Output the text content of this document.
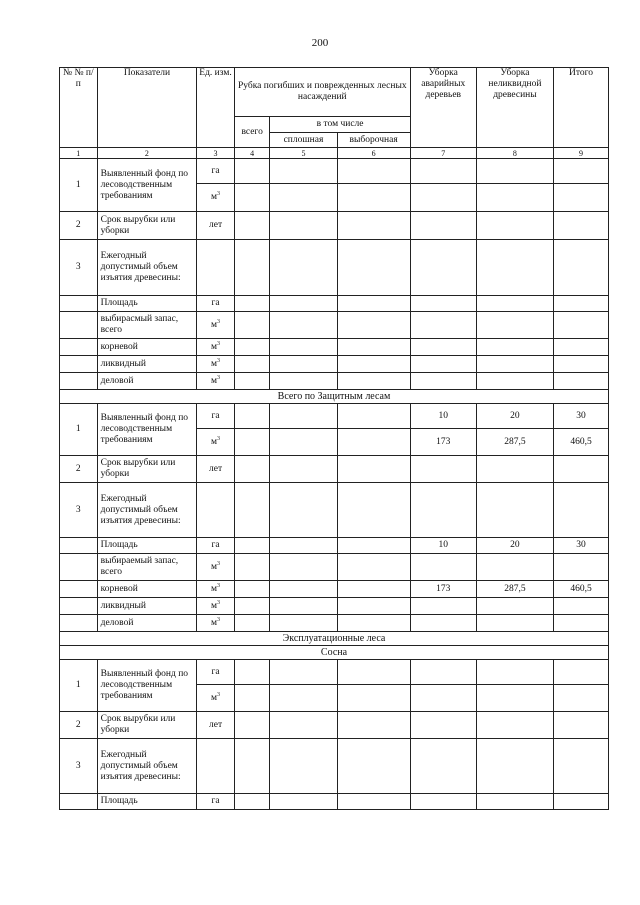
200
№ № п/п	Показатели	Ед. изм.	Рубка погибших и поврежденных лесных насаждений			Уборка аварийных деревьев	Уборка неликвидной древесины	Итого
			всего	в том числе				
				сплошная	выборочная			
1	2	3	4	5	6	7	8	9
1	Выявленный фонд по лесоводственным требованиям	га						
		$м^3$						
2	Срок вырубки или уборки	лет						
3	Ежегодный допустимый объем изъятия древесины:							
	Площадь	га						
	выбирасмый запас, всего	$м^3$						
	корневой	$м^3$						
	ликвидный	$м^3$						
	деловой	$м^3$						
Всего по Защитным лесам								
1	Выявленный фонд по лесоводственным требованиям	га				10	20	30
		$м^3$				173	287,5	460,5
2	Срок вырубки или уборки	лет						
3	Ежегодный допустимый объем изъятия древесины:							
	Площадь	га				10	20	30
	выбираемый запас, всего	$м^3$						
	корневой	$м^3$				173	287,5	460,5
	ликвидный	$м^3$						
	деловой	$м^3$						
Эксплуатационные леса								
Сосна								
1	Выявленный фонд по лесоводственным требованиям	га						
		$м^3$						
2	Срок вырубки или уборки	лет						
3	Ежегодный допустимый объем изъятия древесины:							
	Площадь	га						
